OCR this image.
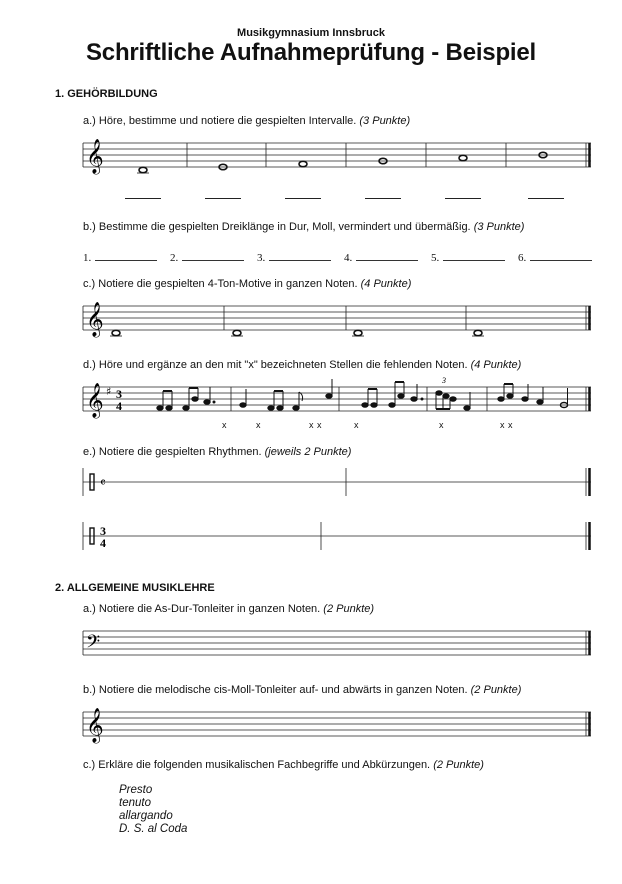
Musikgymnasium Innsbruck
Schriftliche Aufnahmeprüfung - Beispiel
1. GEHÖRBILDUNG
a.) Höre, bestimme und notiere die gespielten Intervalle. (3 Punkte)
𝄞
b.) Bestimme die gespielten Dreiklänge in Dur, Moll, vermindert und übermäßig. (3 Punkte)
1.	2.	3.	4.	5.	6.
c.) Notiere die gespielten 4-Ton-Motive in ganzen Noten. (4 Punkte)
𝄞
d.) Höre und ergänze an den mit "x" bezeichneten Stellen die fehlenden Noten. (4 Punkte)
𝄞 ♯ 3
4
3
x	x	x x	x	x	x x
e.) Notiere die gespielten Rhythmen. (jeweils 2 Punkte)
𝄴
3
4
2. ALLGEMEINE MUSIKLEHRE
a.) Notiere die As-Dur-Tonleiter in ganzen Noten. (2 Punkte)
𝄢
b.) Notiere die melodische cis-Moll-Tonleiter auf- und abwärts in ganzen Noten. (2 Punkte)
𝄞
c.) Erkläre die folgenden musikalischen Fachbegriffe und Abkürzungen. (2 Punkte)
Presto
tenuto
allargando
D. S. al Coda
